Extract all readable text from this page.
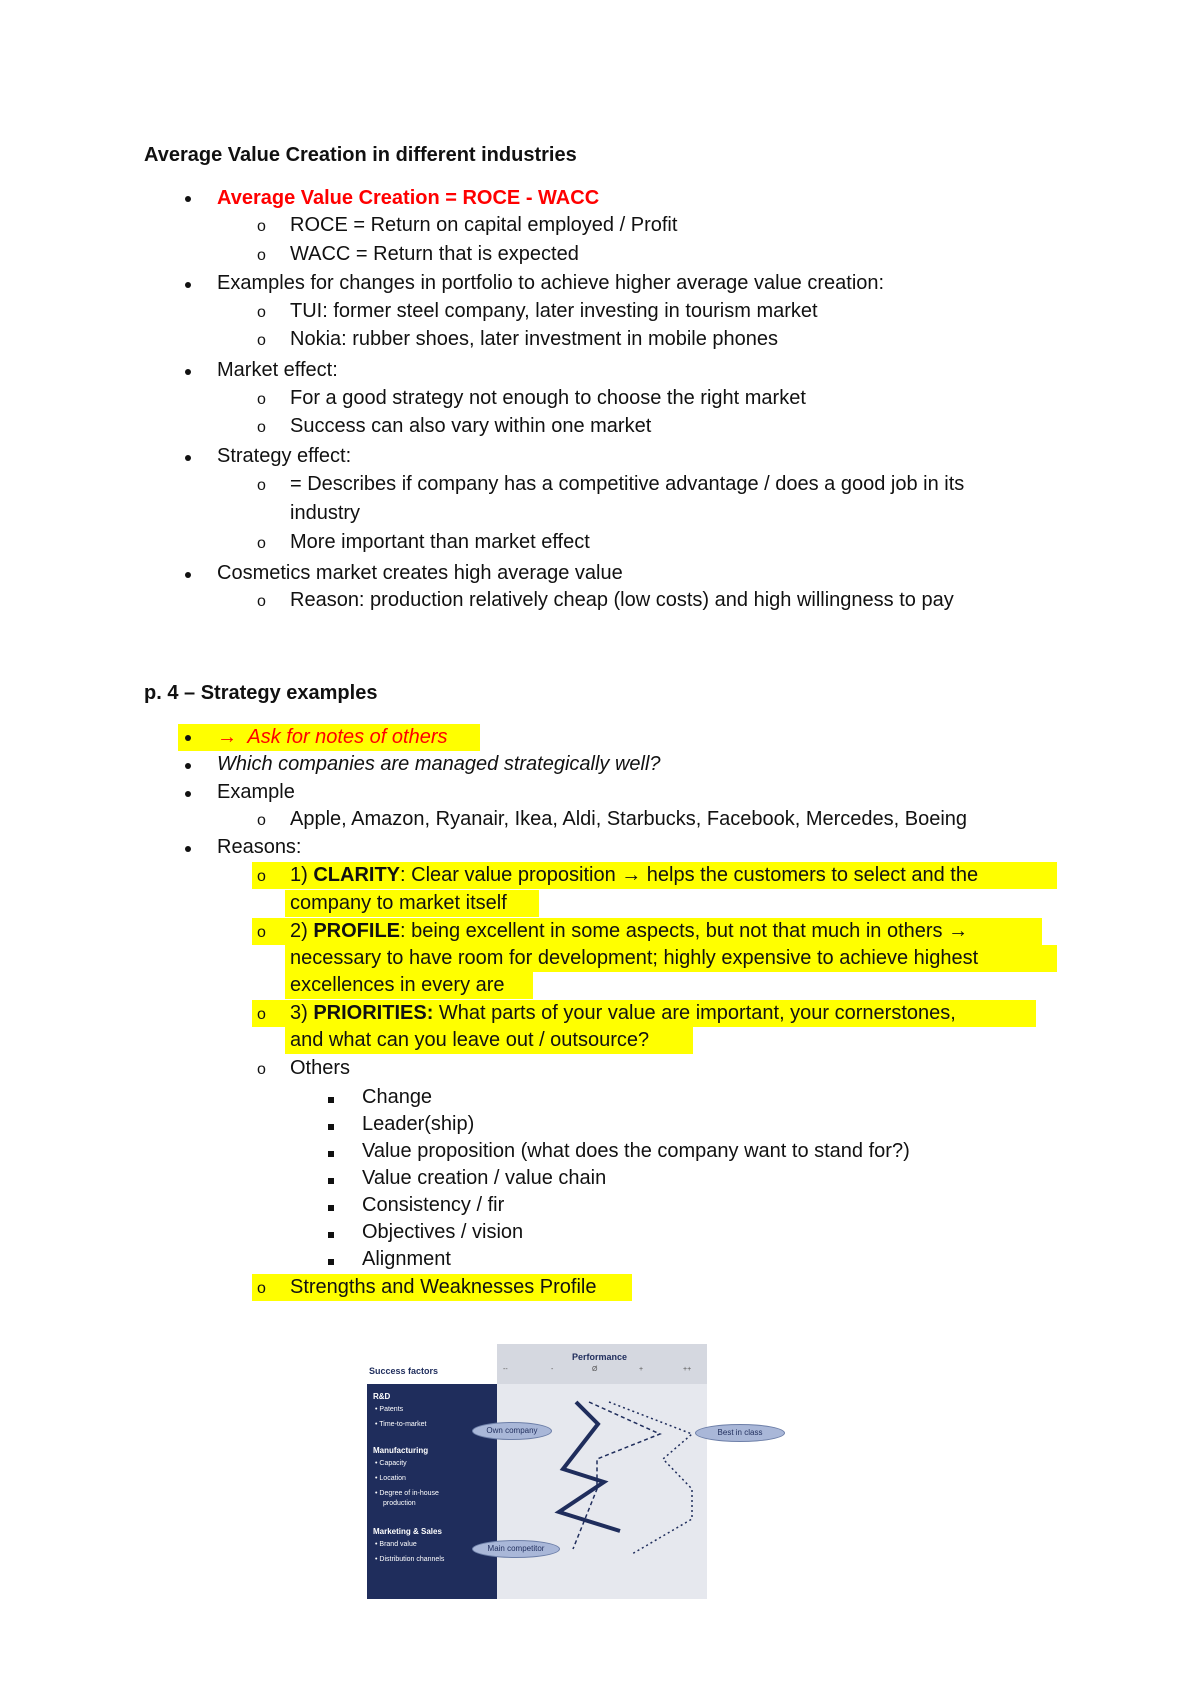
Average Value Creation in different industries
Average Value Creation = ROCE - WACC
o ROCE = Return on capital employed / Profit
o WACC = Return that is expected
Examples for changes in portfolio to achieve higher average value creation:
o TUI: former steel company, later investing in tourism market
o Nokia: rubber shoes, later investment in mobile phones
Market effect:
o For a good strategy not enough to choose the right market
o Success can also vary within one market
Strategy effect:
o = Describes if company has a competitive advantage / does a good job in its
industry
o More important than market effect
Cosmetics market creates high average value
o Reason: production relatively cheap (low costs) and high willingness to pay
p. 4 – Strategy examples
→ Ask for notes of others
Which companies are managed strategically well?
Example
o Apple, Amazon, Ryanair, Ikea, Aldi, Starbucks, Facebook, Mercedes, Boeing
Reasons:
o 1) CLARITY: Clear value proposition → helps the customers to select and the
company to market itself
o 2) PROFILE: being excellent in some aspects, but not that much in others →
necessary to have room for development; highly expensive to achieve highest
excellences in every are
o 3) PRIORITIES: What parts of your value are important, your cornerstones,
and what can you leave out / outsource?
o Others
Change
Leader(ship)
Value proposition (what does the company want to stand for?)
Value creation / value chain
Consistency / fir
Objectives / vision
Alignment
o Strengths and Weaknesses Profile
Success factors
Performance
--	-	Ø	+	++
R&D
• Patents
• Time-to-market
Manufacturing
• Capacity
• Location
• Degree of in-house
production
Marketing & Sales
• Brand value
• Distribution channels
Own company	Best in class
Main competitor
